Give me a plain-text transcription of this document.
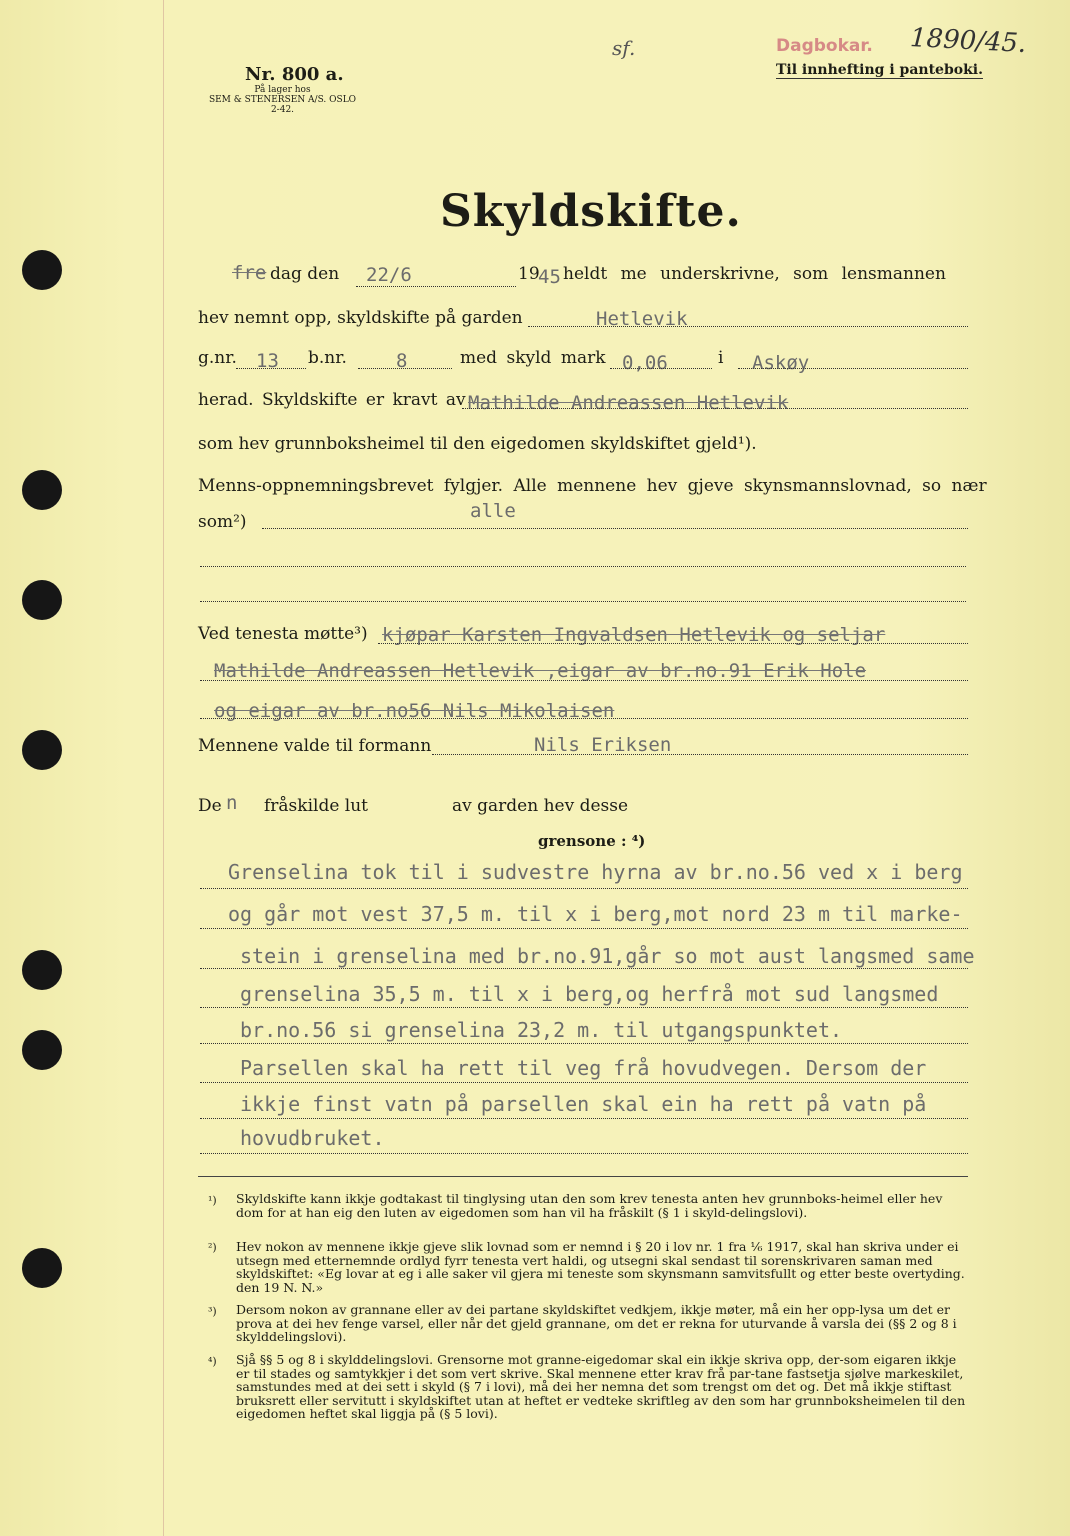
Nr. 800 a.
På lager hos
SEM & STENERSEN A/S. OSLO
2-42.
sf.	Dagbokar. 1890/45.
Til innhefting i panteboki.
Skyldskifte.
fre dag den 22/6	19
45 heldt me underskrivne, som lensmannen
hev nemnt opp, skyldskifte på garden	Hetlevik
g.nr. 13 b.nr.	8	med skyld mark 0,06	i Askøy
herad. Skyldskifte er kravt av Mathilde Andreassen Hetlevik
som hev grunnboksheimel til den eigedomen skyldskiftet gjeld¹).
Menns-oppnemningsbrevet fylgjer. Alle mennene hev gjeve skynsmannslovnad, so nær
som²)	alle
Ved tenesta møtte³) kjøpar Karsten Ingvaldsen Hetlevik og seljar
Mathilde Andreassen Hetlevik ,eigar av br.no.91 Erik Hole
og eigar av br.no56 Nils Mikolaisen
Mennene valde til formann	Nils Eriksen
De n fråskilde lut	av garden hev desse
grensone : ⁴)
Grenselina tok til i sudvestre hyrna av br.no.56 ved x i berg
og går mot vest 37,5 m. til x i berg,mot nord 23 m til marke-
stein i grenselina med br.no.91,går so mot aust langsmed same
grenselina 35,5 m. til x i berg,og herfrå mot sud langsmed
br.no.56 si grenselina 23,2 m. til utgangspunktet.
Parsellen skal ha rett til veg frå hovudvegen. Dersom der
ikkje finst vatn på parsellen skal ein ha rett på vatn på
hovudbruket.
¹) Skyldskifte kann ikkje godtakast til tinglysing utan den som krev tenesta anten hev grunnboks-heimel eller hev dom for at han eig den luten av eigedomen som han vil ha fråskilt (§ 1 i skyld-delingslovi).
²) Hev nokon av mennene ikkje gjeve slik lovnad som er nemnd i § 20 i lov nr. 1 fra ⅙ 1917, skal han skriva under ei utsegn med etternemnde ordlyd fyrr tenesta vert haldi, og utsegni skal sendast til sorenskrivaren saman med skyldskiftet: «Eg lovar at eg i alle saker vil gjera mi teneste som skynsmann samvitsfullt og etter beste overtyding. den 19 N. N.»
³) Dersom nokon av grannane eller av dei partane skyldskiftet vedkjem, ikkje møter, må ein her opp-lysa um det er prova at dei hev fenge varsel, eller når det gjeld grannane, om det er rekna for uturvande å varsla dei (§§ 2 og 8 i skylddelingslovi).
⁴) Sjå §§ 5 og 8 i skylddelingslovi. Grensorne mot granne-eigedomar skal ein ikkje skriva opp, der-som eigaren ikkje er til stades og samtykkjer i det som vert skrive. Skal mennene etter krav frå par-tane fastsetja sjølve markeskilet, samstundes med at dei sett i skyld (§ 7 i lovi), må dei her nemna det som trengst om det og. Det må ikkje stiftast bruksrett eller servitutt i skyldskiftet utan at heftet er vedteke skriftleg av den som har grunnboksheimelen til den eigedomen heftet skal liggja på (§ 5 lovi).
